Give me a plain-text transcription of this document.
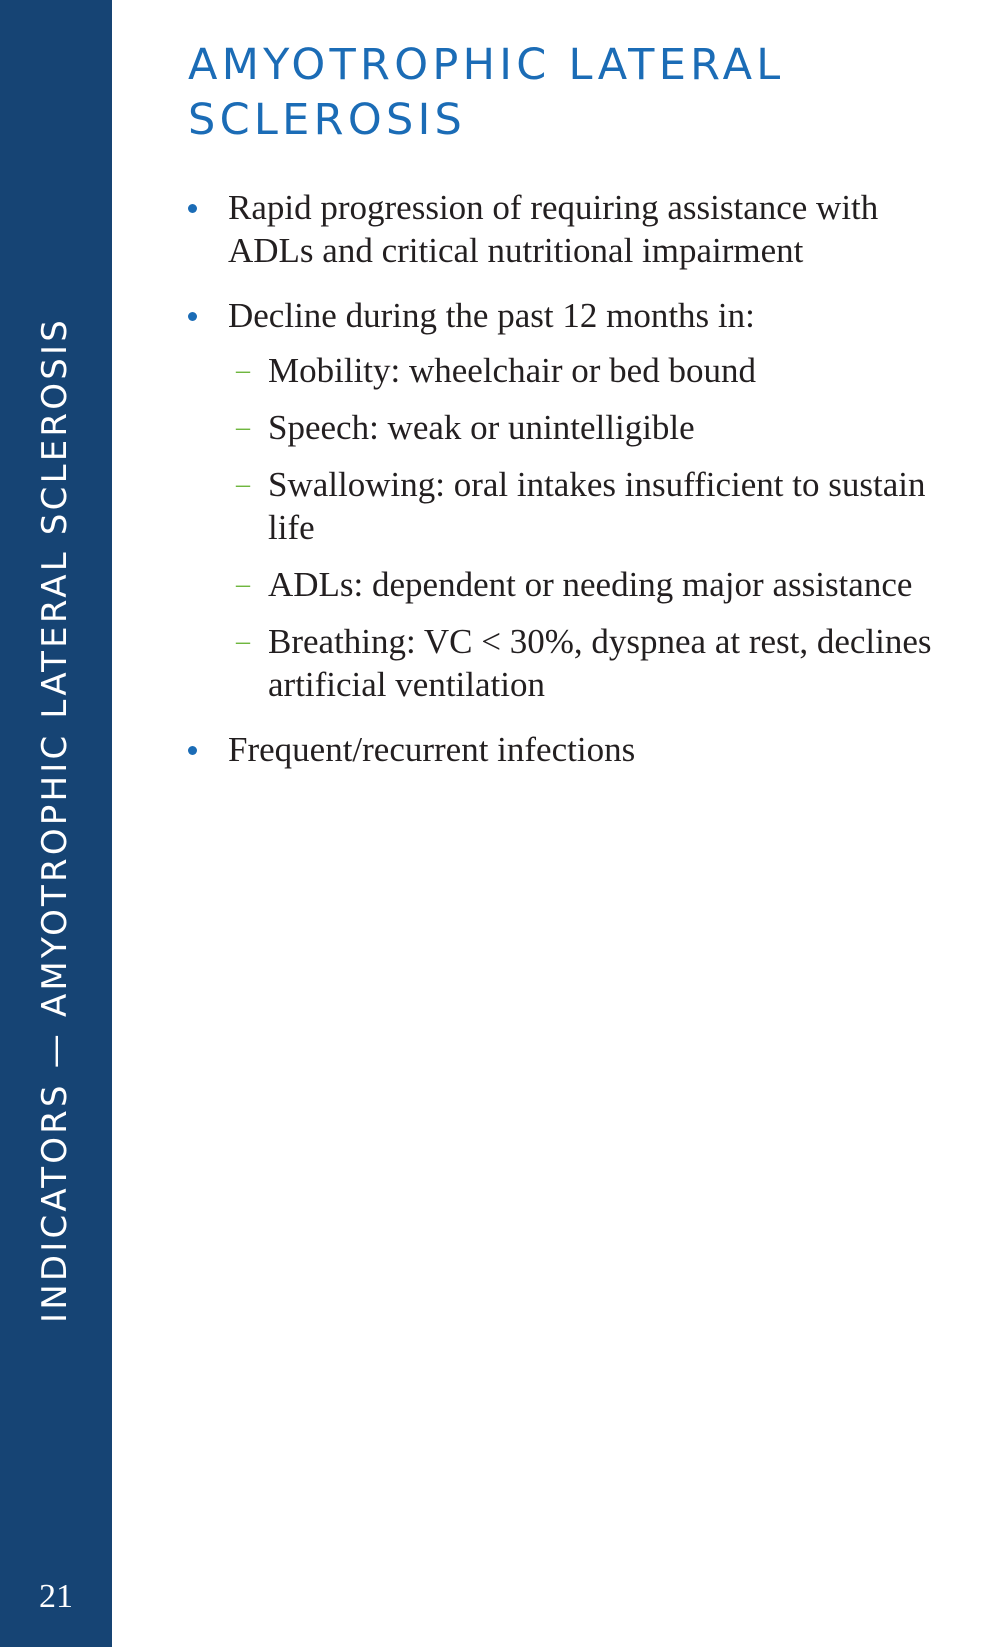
INDICATORS — AMYOTROPHIC LATERAL SCLEROSIS
21
AMYOTROPHIC LATERAL
SCLEROSIS
Rapid progression of requiring assistance with ADLs and critical nutritional impairment
Decline during the past 12 months in:
– Mobility: wheelchair or bed bound
– Speech: weak or unintelligible
– Swallowing: oral intakes insufficient to sustain life
– ADLs: dependent or needing major assistance
– Breathing: VC < 30%, dyspnea at rest, declines artificial ventilation
Frequent/recurrent infections
